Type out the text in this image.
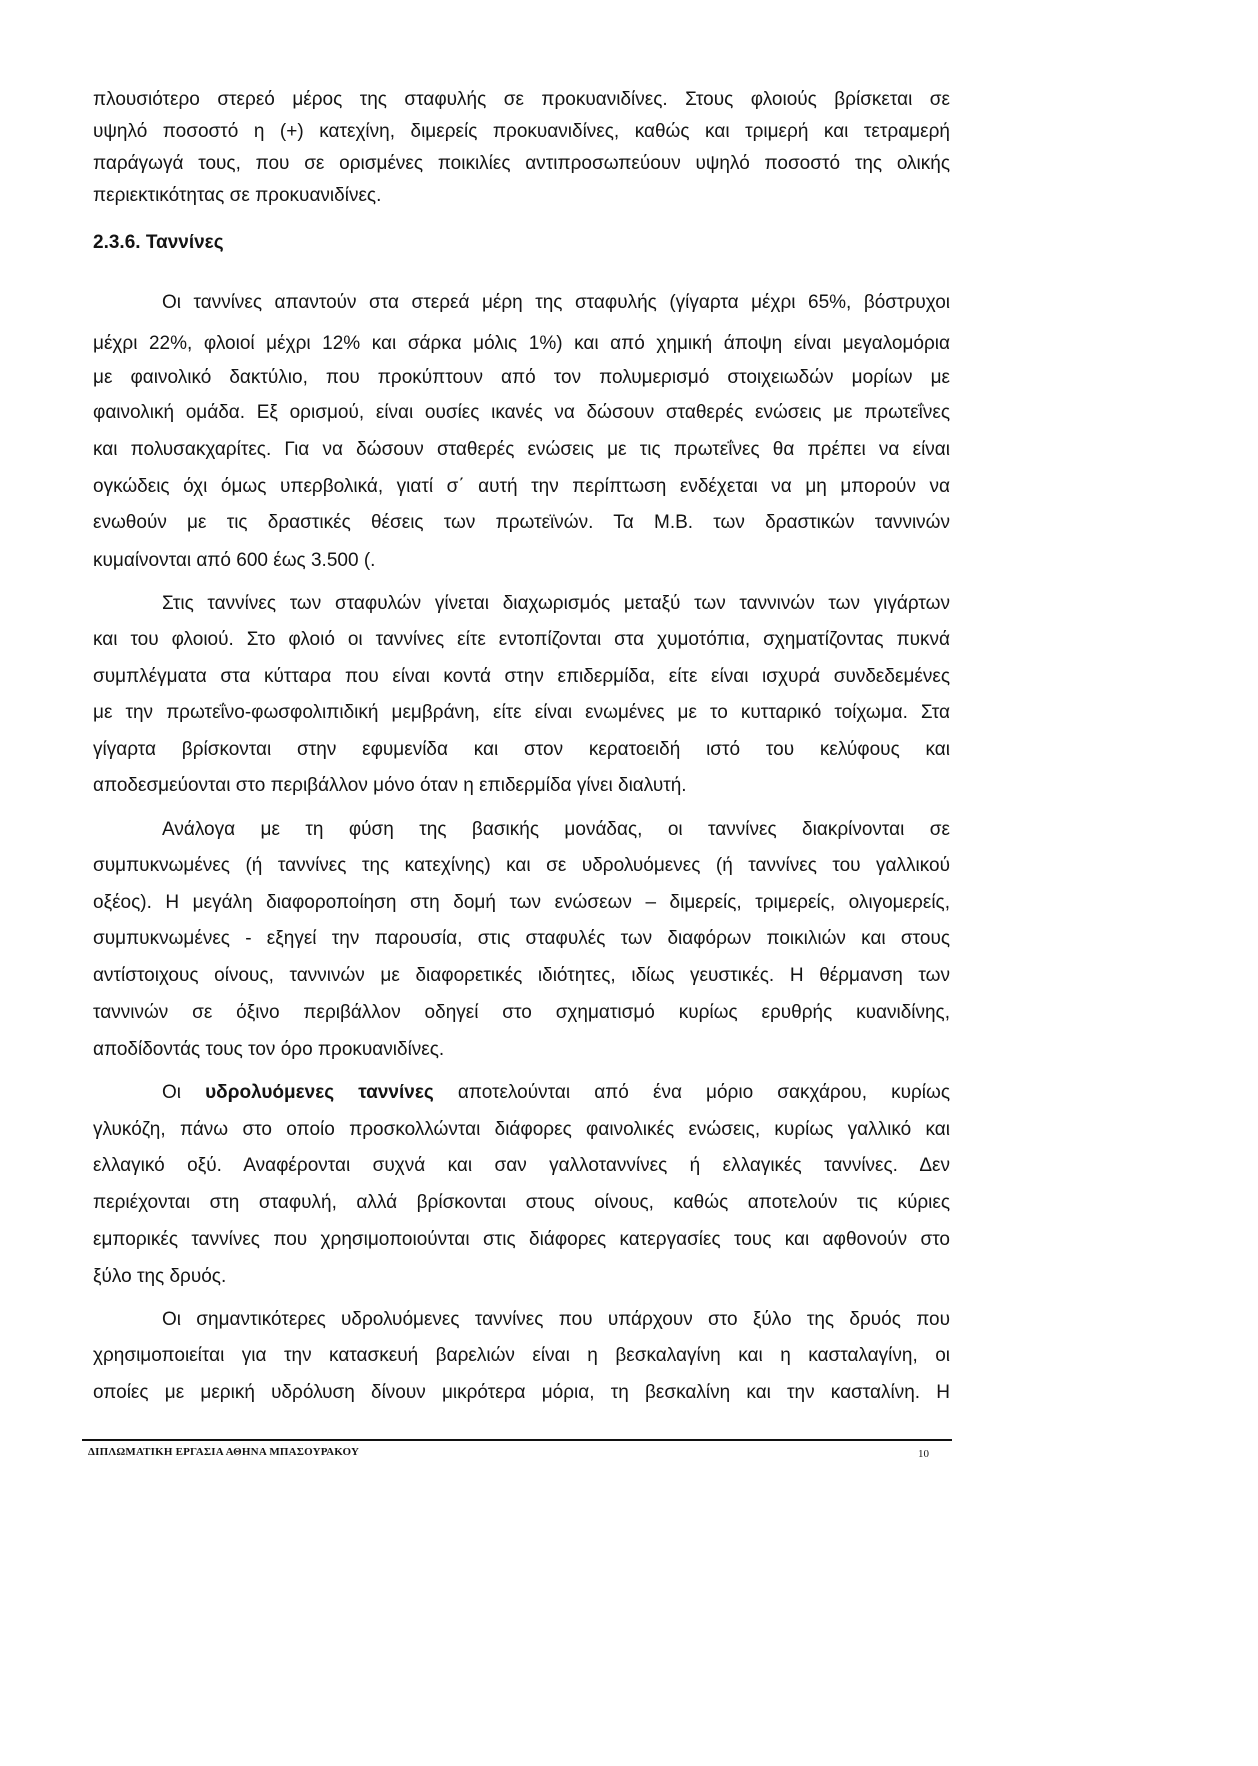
πλουσιότερο στερεό μέρος της σταφυλής σε προκυανιδίνες. Στους φλοιούς βρίσκεται σε
υψηλό ποσοστό η (+) κατεχίνη, διμερείς προκυανιδίνες, καθώς και τριμερή και τετραμερή
παράγωγά τους, που σε ορισμένες ποικιλίες αντιπροσωπεύουν υψηλό ποσοστό της ολικής
περιεκτικότητας σε προκυανιδίνες.
2.3.6. Ταννίνες
Οι ταννίνες απαντούν στα στερεά μέρη της σταφυλής (γίγαρτα μέχρι 65%, βόστρυχοι
μέχρι 22%, φλοιοί μέχρι 12% και σάρκα μόλις 1%) και από χημική άποψη είναι μεγαλομόρια
με φαινολικό δακτύλιο, που προκύπτουν από τον πολυμερισμό στοιχειωδών μορίων με
φαινολική ομάδα. Εξ ορισμού, είναι ουσίες ικανές να δώσουν σταθερές ενώσεις με πρωτεΐνες
και πολυσακχαρίτες. Για να δώσουν σταθερές ενώσεις με τις πρωτεΐνες θα πρέπει να είναι
ογκώδεις όχι όμως υπερβολικά, γιατί σ΄ αυτή την περίπτωση ενδέχεται να μη μπορούν να
ενωθούν με τις δραστικές θέσεις των πρωτεϊνών. Τα Μ.Β. των δραστικών ταννινών
κυμαίνονται από 600 έως 3.500 (.
Στις ταννίνες των σταφυλών γίνεται διαχωρισμός μεταξύ των ταννινών των γιγάρτων
και του φλοιού. Στο φλοιό οι ταννίνες είτε εντοπίζονται στα χυμοτόπια, σχηματίζοντας πυκνά
συμπλέγματα στα κύτταρα που είναι κοντά στην επιδερμίδα, είτε είναι ισχυρά συνδεδεμένες
με την πρωτεΐνο-φωσφολιπιδική μεμβράνη, είτε είναι ενωμένες με το κυτταρικό τοίχωμα. Στα
γίγαρτα βρίσκονται στην εφυμενίδα και στον κερατοειδή ιστό του κελύφους και
αποδεσμεύονται στο περιβάλλον μόνο όταν η επιδερμίδα γίνει διαλυτή.
Ανάλογα με τη φύση της βασικής μονάδας, οι ταννίνες διακρίνονται σε
συμπυκνωμένες (ή ταννίνες της κατεχίνης) και σε υδρολυόμενες (ή ταννίνες του γαλλικού
οξέος). Η μεγάλη διαφοροποίηση στη δομή των ενώσεων – διμερείς, τριμερείς, ολιγομερείς,
συμπυκνωμένες - εξηγεί την παρουσία, στις σταφυλές των διαφόρων ποικιλιών και στους
αντίστοιχους οίνους, ταννινών με διαφορετικές ιδιότητες, ιδίως γευστικές. Η θέρμανση των
ταννινών σε όξινο περιβάλλον οδηγεί στο σχηματισμό κυρίως ερυθρής κυανιδίνης,
αποδίδοντάς τους τον όρο προκυανιδίνες.
Οι υδρολυόμενες ταννίνες αποτελούνται από ένα μόριο σακχάρου, κυρίως
γλυκόζη, πάνω στο οποίο προσκολλώνται διάφορες φαινολικές ενώσεις, κυρίως γαλλικό και
ελλαγικό οξύ. Αναφέρονται συχνά και σαν γαλλοταννίνες ή ελλαγικές ταννίνες. Δεν
περιέχονται στη σταφυλή, αλλά βρίσκονται στους οίνους, καθώς αποτελούν τις κύριες
εμπορικές ταννίνες που χρησιμοποιούνται στις διάφορες κατεργασίες τους και αφθονούν στο
ξύλο της δρυός.
Οι σημαντικότερες υδρολυόμενες ταννίνες που υπάρχουν στο ξύλο της δρυός που
χρησιμοποιείται για την κατασκευή βαρελιών είναι η βεσκαλαγίνη και η κασταλαγίνη, οι
οποίες με μερική υδρόλυση δίνουν μικρότερα μόρια, τη βεσκαλίνη και την κασταλίνη. Η
ΔΙΠΛΩΜΑΤΙΚΗ ΕΡΓΑΣΙΑ ΑΘΗΝΑ ΜΠΑΣΟΥΡΑΚΟΥ	10
